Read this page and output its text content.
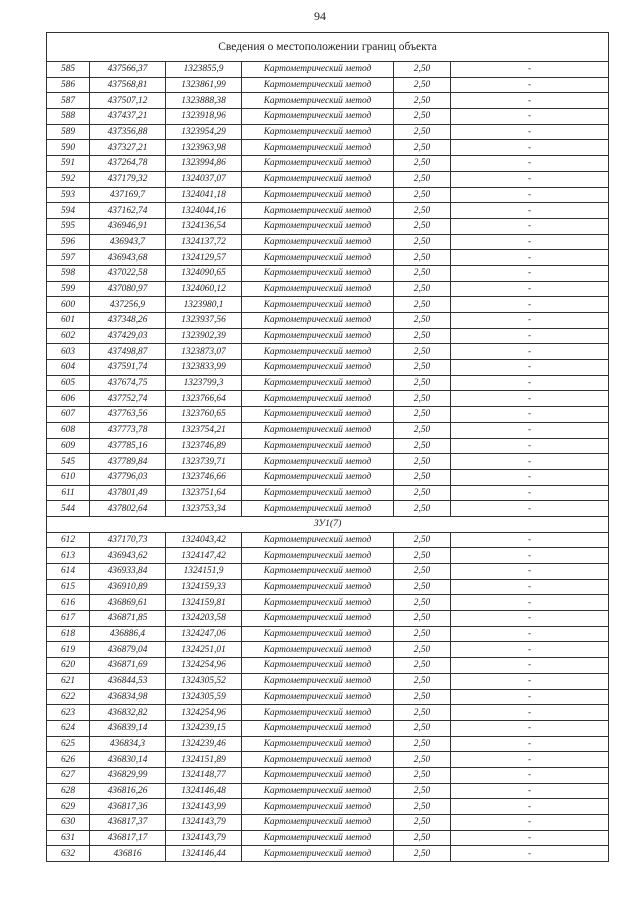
94
Сведения о местоположении границ объекта					
585	437566,37	1323855,9	Картометрический метод	2,50	-
586	437568,81	1323861,99	Картометрический метод	2,50	-
587	437507,12	1323888,38	Картометрический метод	2,50	-
588	437437,21	1323918,96	Картометрический метод	2,50	-
589	437356,88	1323954,29	Картометрический метод	2,50	-
590	437327,21	1323963,98	Картометрический метод	2,50	-
591	437264,78	1323994,86	Картометрический метод	2,50	-
592	437179,32	1324037,07	Картометрический метод	2,50	-
593	437169,7	1324041,18	Картометрический метод	2,50	-
594	437162,74	1324044,16	Картометрический метод	2,50	-
595	436946,91	1324136,54	Картометрический метод	2,50	-
596	436943,7	1324137,72	Картометрический метод	2,50	-
597	436943,68	1324129,57	Картометрический метод	2,50	-
598	437022,58	1324090,65	Картометрический метод	2,50	-
599	437080,97	1324060,12	Картометрический метод	2,50	-
600	437256,9	1323980,1	Картометрический метод	2,50	-
601	437348,26	1323937,56	Картометрический метод	2,50	-
602	437429,03	1323902,39	Картометрический метод	2,50	-
603	437498,87	1323873,07	Картометрический метод	2,50	-
604	437591,74	1323833,99	Картометрический метод	2,50	-
605	437674,75	1323799,3	Картометрический метод	2,50	-
606	437752,74	1323766,64	Картометрический метод	2,50	-
607	437763,56	1323760,65	Картометрический метод	2,50	-
608	437773,78	1323754,21	Картометрический метод	2,50	-
609	437785,16	1323746,89	Картометрический метод	2,50	-
545	437789,84	1323739,71	Картометрический метод	2,50	-
610	437796,03	1323746,66	Картометрический метод	2,50	-
611	437801,49	1323751,64	Картометрический метод	2,50	-
544	437802,64	1323753,34	Картометрический метод	2,50	-
ЗУ1(7)					
612	437170,73	1324043,42	Картометрический метод	2,50	-
613	436943,62	1324147,42	Картометрический метод	2,50	-
614	436933,84	1324151,9	Картометрический метод	2,50	-
615	436910,89	1324159,33	Картометрический метод	2,50	-
616	436869,61	1324159,81	Картометрический метод	2,50	-
617	436871,85	1324203,58	Картометрический метод	2,50	-
618	436886,4	1324247,06	Картометрический метод	2,50	-
619	436879,04	1324251,01	Картометрический метод	2,50	-
620	436871,69	1324254,96	Картометрический метод	2,50	-
621	436844,53	1324305,52	Картометрический метод	2,50	-
622	436834,98	1324305,59	Картометрический метод	2,50	-
623	436832,82	1324254,96	Картометрический метод	2,50	-
624	436839,14	1324239,15	Картометрический метод	2,50	-
625	436834,3	1324239,46	Картометрический метод	2,50	-
626	436830,14	1324151,89	Картометрический метод	2,50	-
627	436829,99	1324148,77	Картометрический метод	2,50	-
628	436816,26	1324146,48	Картометрический метод	2,50	-
629	436817,36	1324143,99	Картометрический метод	2,50	-
630	436817,37	1324143,79	Картометрический метод	2,50	-
631	436817,17	1324143,79	Картометрический метод	2,50	-
632	436816	1324146,44	Картометрический метод	2,50	-
